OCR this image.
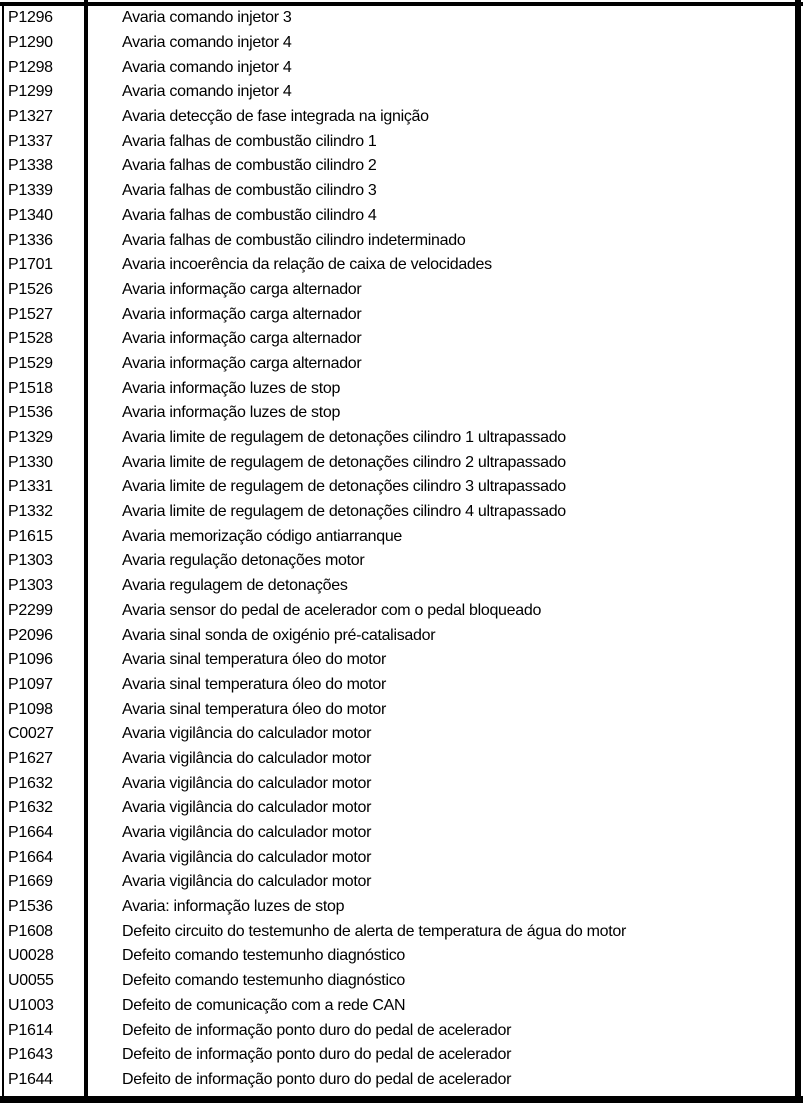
P1296	Avaria comando injetor 3
P1290	Avaria comando injetor 4
P1298	Avaria comando injetor 4
P1299	Avaria comando injetor 4
P1327	Avaria detecção de fase integrada na ignição
P1337	Avaria falhas de combustão cilindro 1
P1338	Avaria falhas de combustão cilindro 2
P1339	Avaria falhas de combustão cilindro 3
P1340	Avaria falhas de combustão cilindro 4
P1336	Avaria falhas de combustão cilindro indeterminado
P1701	Avaria incoerência da relação de caixa de velocidades
P1526	Avaria informação carga alternador
P1527	Avaria informação carga alternador
P1528	Avaria informação carga alternador
P1529	Avaria informação carga alternador
P1518	Avaria informação luzes de stop
P1536	Avaria informação luzes de stop
P1329	Avaria limite de regulagem de detonações cilindro 1 ultrapassado
P1330	Avaria limite de regulagem de detonações cilindro 2 ultrapassado
P1331	Avaria limite de regulagem de detonações cilindro 3 ultrapassado
P1332	Avaria limite de regulagem de detonações cilindro 4 ultrapassado
P1615	Avaria memorização código antiarranque
P1303	Avaria regulação detonações motor
P1303	Avaria regulagem de detonações
P2299	Avaria sensor do pedal de acelerador com o pedal bloqueado
P2096	Avaria sinal sonda de oxigénio pré-catalisador
P1096	Avaria sinal temperatura óleo do motor
P1097	Avaria sinal temperatura óleo do motor
P1098	Avaria sinal temperatura óleo do motor
C0027	Avaria vigilância do calculador motor
P1627	Avaria vigilância do calculador motor
P1632	Avaria vigilância do calculador motor
P1632	Avaria vigilância do calculador motor
P1664	Avaria vigilância do calculador motor
P1664	Avaria vigilância do calculador motor
P1669	Avaria vigilância do calculador motor
P1536	Avaria: informação luzes de stop
P1608	Defeito circuito do testemunho de alerta de temperatura de água do motor
U0028	Defeito comando testemunho diagnóstico
U0055	Defeito comando testemunho diagnóstico
U1003	Defeito de comunicação com a rede CAN
P1614	Defeito de informação ponto duro do pedal de acelerador
P1643	Defeito de informação ponto duro do pedal de acelerador
P1644	Defeito de informação ponto duro do pedal de acelerador
